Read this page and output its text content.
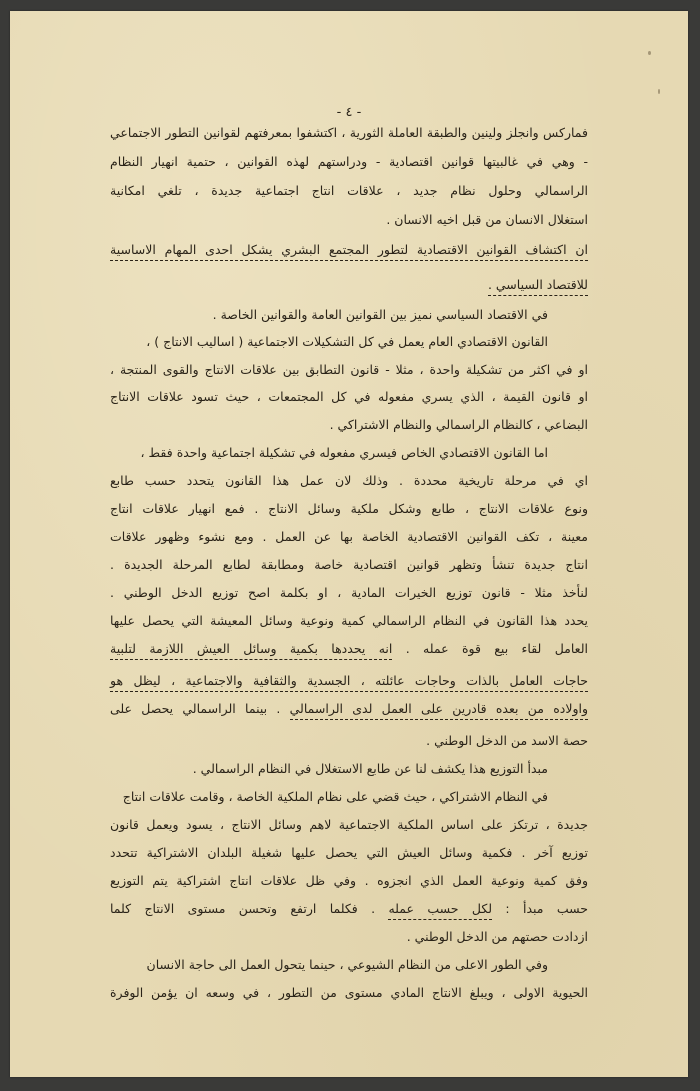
- ٤ -
فماركس وانجلز ولينين والطبقة العاملة الثورية ، اكتشفوا بمعرفتهم لقوانين التطور الاجتماعي
- وهي في غالبيتها قوانين اقتصادية - ودراستهم لهذه القوانين ، حتمية انهيار النظام
الراسمالي وحلول نظام جديد ، علاقات انتاج اجتماعية جديدة ، تلغي امكانية
استغلال الانسان من قبل اخيه الانسان .
ان اكتشاف القوانين الاقتصادية لتطور المجتمع البشري يشكل احدى المهام الاساسية
للاقتصاد السياسي .
في الاقتصاد السياسي نميز بين القوانين العامة والقوانين الخاصة .
القانون الاقتصادي العام يعمل في كل التشكيلات الاجتماعية ( اساليب الانتاج ) ،
او في اكثر من تشكيلة واحدة ، مثلا - قانون التطابق بين علاقات الانتاج والقوى المنتجة ،
او قانون القيمة ، الذي يسري مفعوله في كل المجتمعات ، حيث تسود علاقات الانتاج
البضاعي ، كالنظام الراسمالي والنظام الاشتراكي .
اما القانون الاقتصادي الخاص فيسري مفعوله في تشكيلة اجتماعية واحدة فقط ،
اي في مرحلة تاريخية محددة . وذلك لان عمل هذا القانون يتحدد حسب طابع
ونوع علاقات الانتاج ، طابع وشكل ملكية وسائل الانتاج . فمع انهيار علاقات انتاج
معينة ، تكف القوانين الاقتصادية الخاصة بها عن العمل . ومع نشوء وظهور علاقات
انتاج جديدة تنشأ وتظهر قوانين اقتصادية خاصة ومطابقة لطابع المرحلة الجديدة .
لنأخذ مثلا - قانون توزيع الخيرات المادية ، او بكلمة اصح توزيع الدخل الوطني .
يحدد هذا القانون في النظام الراسمالي كمية ونوعية وسائل المعيشة التي يحصل عليها
العامل لقاء بيع قوة عمله . انه يحددها بكمية وسائل العيش اللازمة لتلبية
حاجات العامل بالذات وحاجات عائلته ، الجسدية والثقافية والاجتماعية ، ليظل هو
واولاده من بعده قادرين على العمل لدى الراسمالي . بينما الراسمالي يحصل على
حصة الاسد من الدخل الوطني .
مبدأ التوزيع هذا يكشف لنا عن طابع الاستغلال في النظام الراسمالي .
في النظام الاشتراكي ، حيث قضي على نظام الملكية الخاصة ، وقامت علاقات انتاج
جديدة ، ترتكز على اساس الملكية الاجتماعية لاهم وسائل الانتاج ، يسود ويعمل قانون
توزيع آخر . فكمية وسائل العيش التي يحصل عليها شغيلة البلدان الاشتراكية تتحدد
وفق كمية ونوعية العمل الذي انجزوه . وفي ظل علاقات انتاج اشتراكية يتم التوزيع
حسب مبدأ : لكل حسب عمله . فكلما ارتفع وتحسن مستوى الانتاج كلما
ازدادت حصتهم من الدخل الوطني .
وفي الطور الاعلى من النظام الشيوعي ، حينما يتحول العمل الى حاجة الانسان
الحيوية الاولى ، ويبلغ الانتاج المادي مستوى من التطور ، في وسعه ان يؤمن الوفرة
